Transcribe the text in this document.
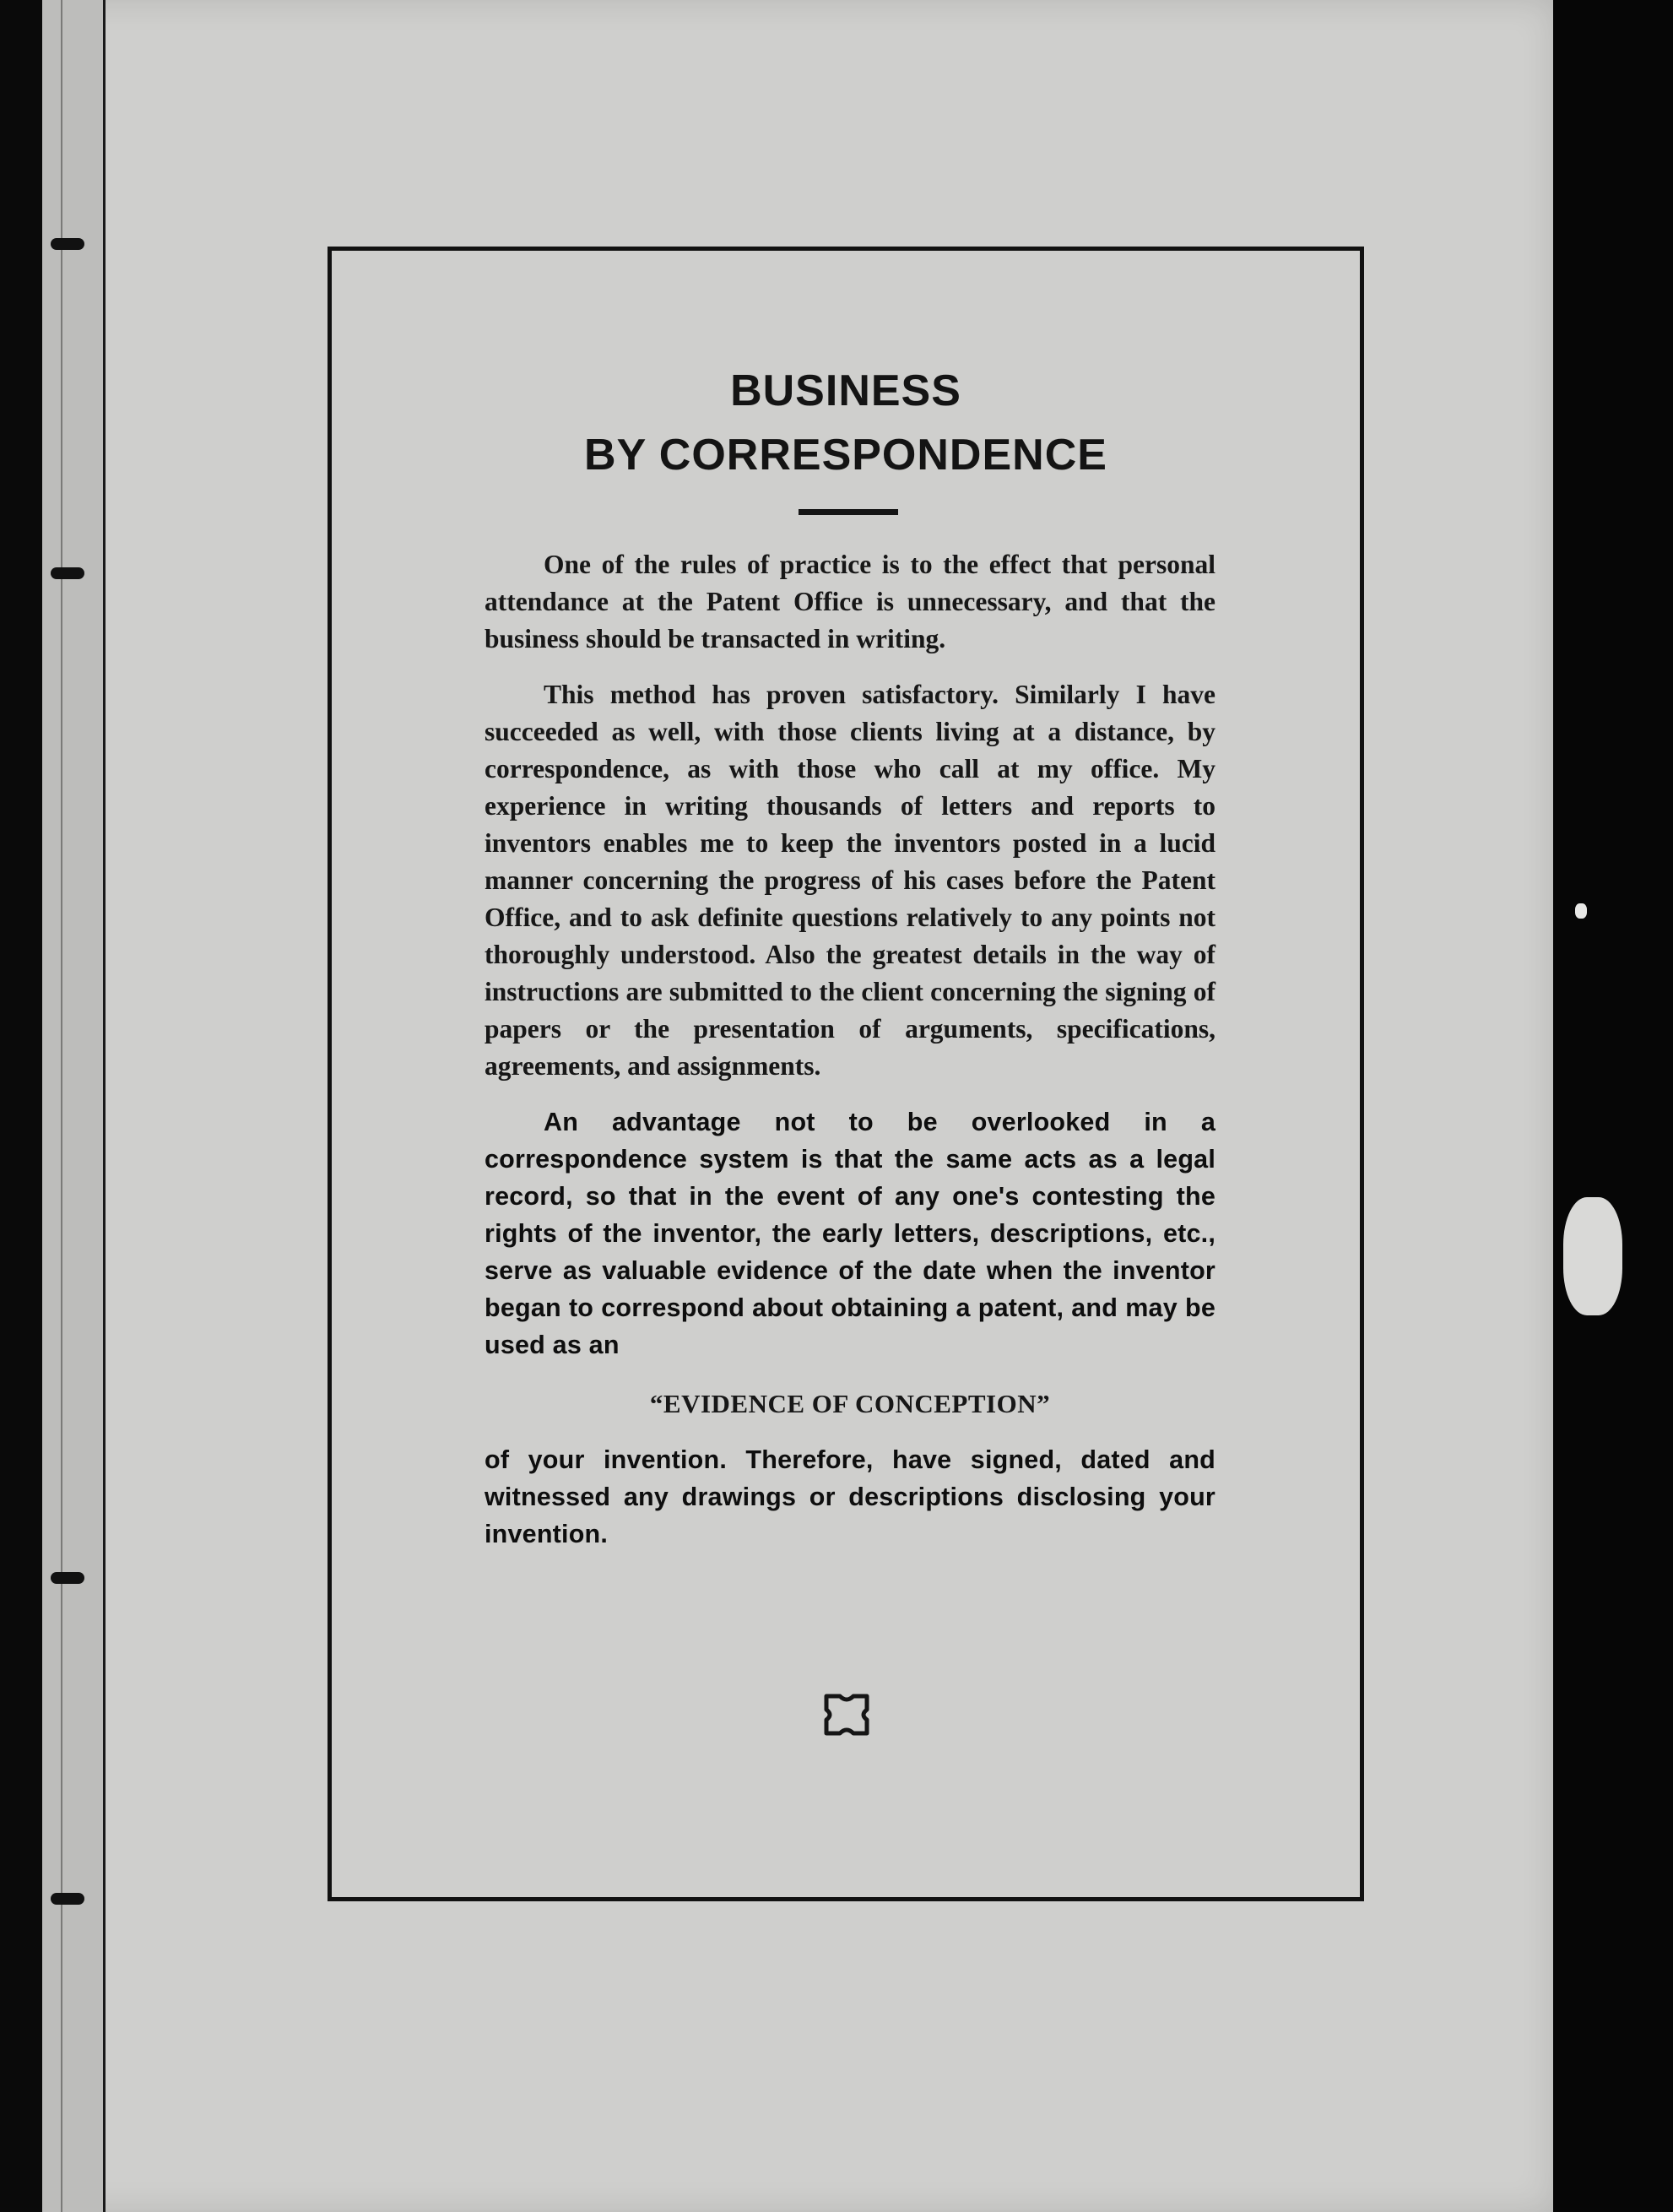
BUSINESS
BY CORRESPONDENCE

One of the rules of practice is to the effect that personal attendance at the Patent Office is unnecessary, and that the business should be transacted in writing.

This method has proven satisfactory. Similarly I have succeeded as well, with those clients living at a distance, by correspondence, as with those who call at my office. My experience in writing thousands of letters and reports to inventors enables me to keep the inventors posted in a lucid manner concerning the progress of his cases before the Patent Office, and to ask definite questions relatively to any points not thoroughly understood. Also the greatest details in the way of instructions are submitted to the client concerning the signing of papers or the presentation of arguments, specifications, agreements, and assignments.

An advantage not to be overlooked in a correspondence system is that the same acts as a legal record, so that in the event of any one's contesting the rights of the inventor, the early letters, descriptions, etc., serve as valuable evidence of the date when the inventor began to correspond about obtaining a patent, and may be used as an

“EVIDENCE OF CONCEPTION”

of your invention. Therefore, have signed, dated and witnessed any drawings or descriptions disclosing your invention.
